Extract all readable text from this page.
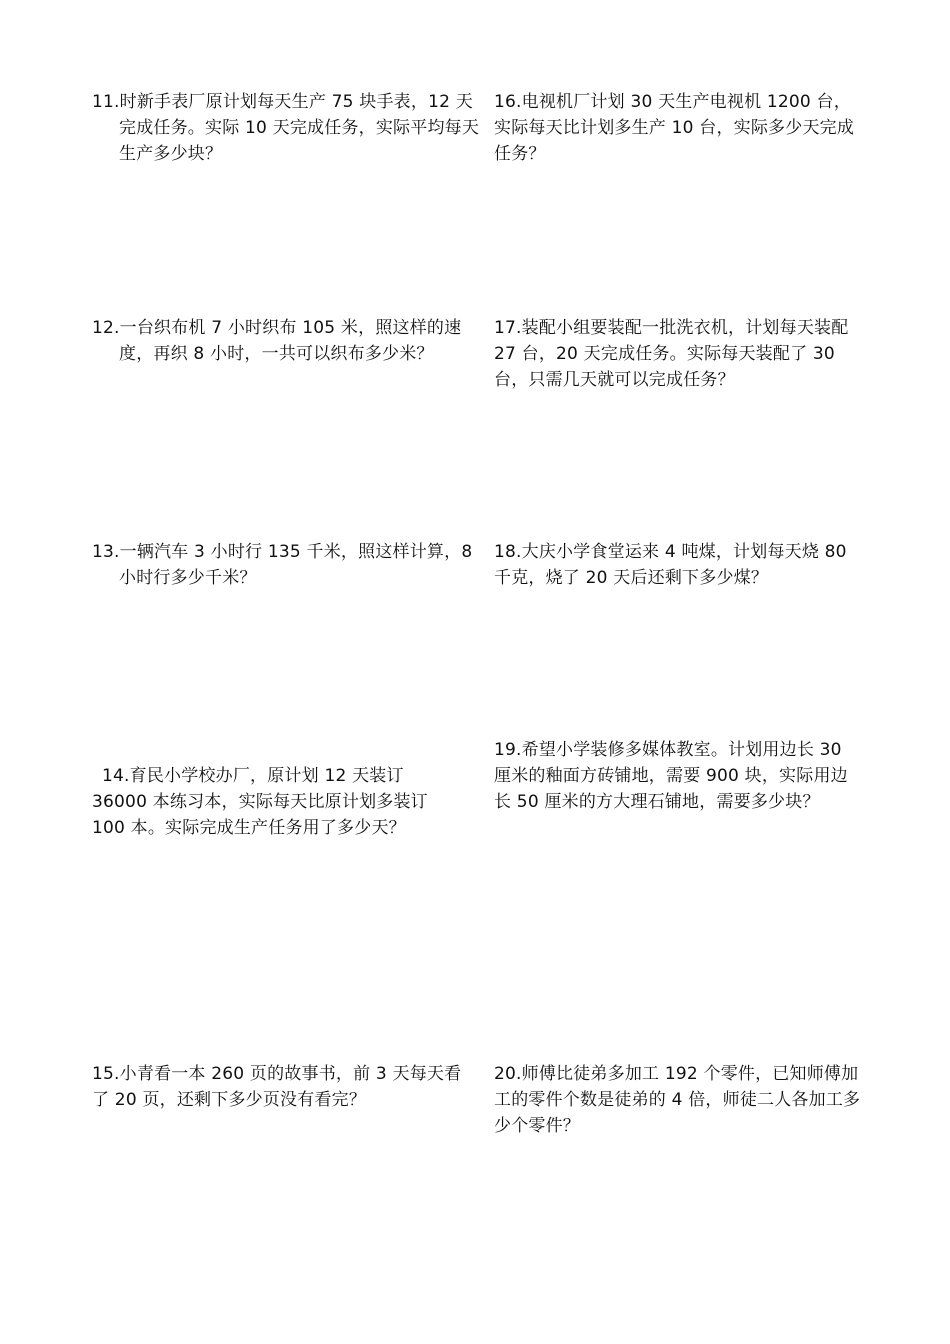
11.时新手表厂原计划每天生产 75 块手表，12 天完成任务。实际 10 天完成任务，实际平均每天生产多少块？
12.一台织布机 7 小时织布 105 米，照这样的速度，再织 8 小时，一共可以织布多少米？
13.一辆汽车 3 小时行 135 千米，照这样计算，8 小时行多少千米？
14.育民小学校办厂，原计划 12 天装订 36000 本练习本，实际每天比原计划多装订 100 本。实际完成生产任务用了多少天？
15.小青看一本 260 页的故事书，前 3 天每天看了 20 页，还剩下多少页没有看完？
16.电视机厂计划 30 天生产电视机 1200 台，实际每天比计划多生产 10 台，实际多少天完成任务？
17.装配小组要装配一批洗衣机，计划每天装配 27 台，20 天完成任务。实际每天装配了 30 台，只需几天就可以完成任务？
18.大庆小学食堂运来 4 吨煤，计划每天烧 80 千克，烧了 20 天后还剩下多少煤？
19.希望小学装修多媒体教室。计划用边长 30 厘米的釉面方砖铺地，需要 900 块，实际用边长 50 厘米的方大理石铺地，需要多少块？
20.师傅比徒弟多加工 192 个零件，已知师傅加工的零件个数是徒弟的 4 倍，师徒二人各加工多少个零件？
